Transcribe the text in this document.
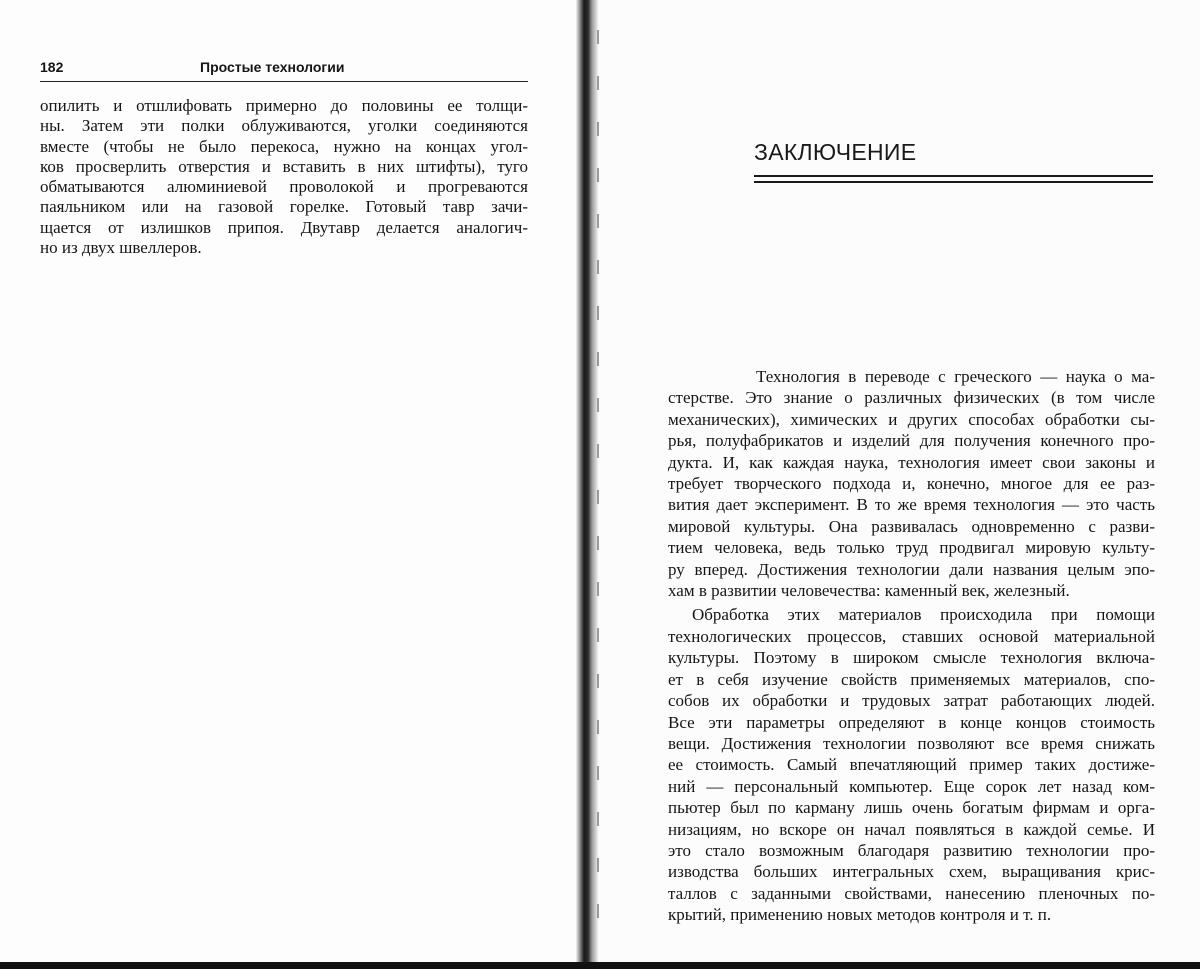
182	Простые технологии
опилить и отшлифовать примерно до половины ее толщи-
ны. Затем эти полки облуживаются, уголки соединяются
вместе (чтобы не было перекоса, нужно на концах угол-
ков просверлить отверстия и вставить в них штифты), туго
обматываются алюминиевой проволокой и прогреваются
паяльником или на газовой горелке. Готовый тавр зачи-
щается от излишков припоя. Двутавр делается аналогич-
но из двух швеллеров.
ЗАКЛЮЧЕНИЕ
Технология в переводе с греческого — наука о ма-
стерстве. Это знание о различных физических (в том числе
механических), химических и других способах обработки сы-
рья, полуфабрикатов и изделий для получения конечного про-
дукта. И, как каждая наука, технология имеет свои законы и
требует творческого подхода и, конечно, многое для ее раз-
вития дает эксперимент. В то же время технология — это часть
мировой культуры. Она развивалась одновременно с разви-
тием человека, ведь только труд продвигал мировую культу-
ру вперед. Достижения технологии дали названия целым эпо-
хам в развитии человечества: каменный век, железный.
Обработка этих материалов происходила при помощи
технологических процессов, ставших основой материальной
культуры. Поэтому в широком смысле технология включа-
ет в себя изучение свойств применяемых материалов, спо-
собов их обработки и трудовых затрат работающих людей.
Все эти параметры определяют в конце концов стоимость
вещи. Достижения технологии позволяют все время снижать
ее стоимость. Самый впечатляющий пример таких достиже-
ний — персональный компьютер. Еще сорок лет назад ком-
пьютер был по карману лишь очень богатым фирмам и орга-
низациям, но вскоре он начал появляться в каждой семье. И
это стало возможным благодаря развитию технологии про-
изводства больших интегральных схем, выращивания крис-
таллов с заданными свойствами, нанесению пленочных по-
крытий, применению новых методов контроля и т. п.
